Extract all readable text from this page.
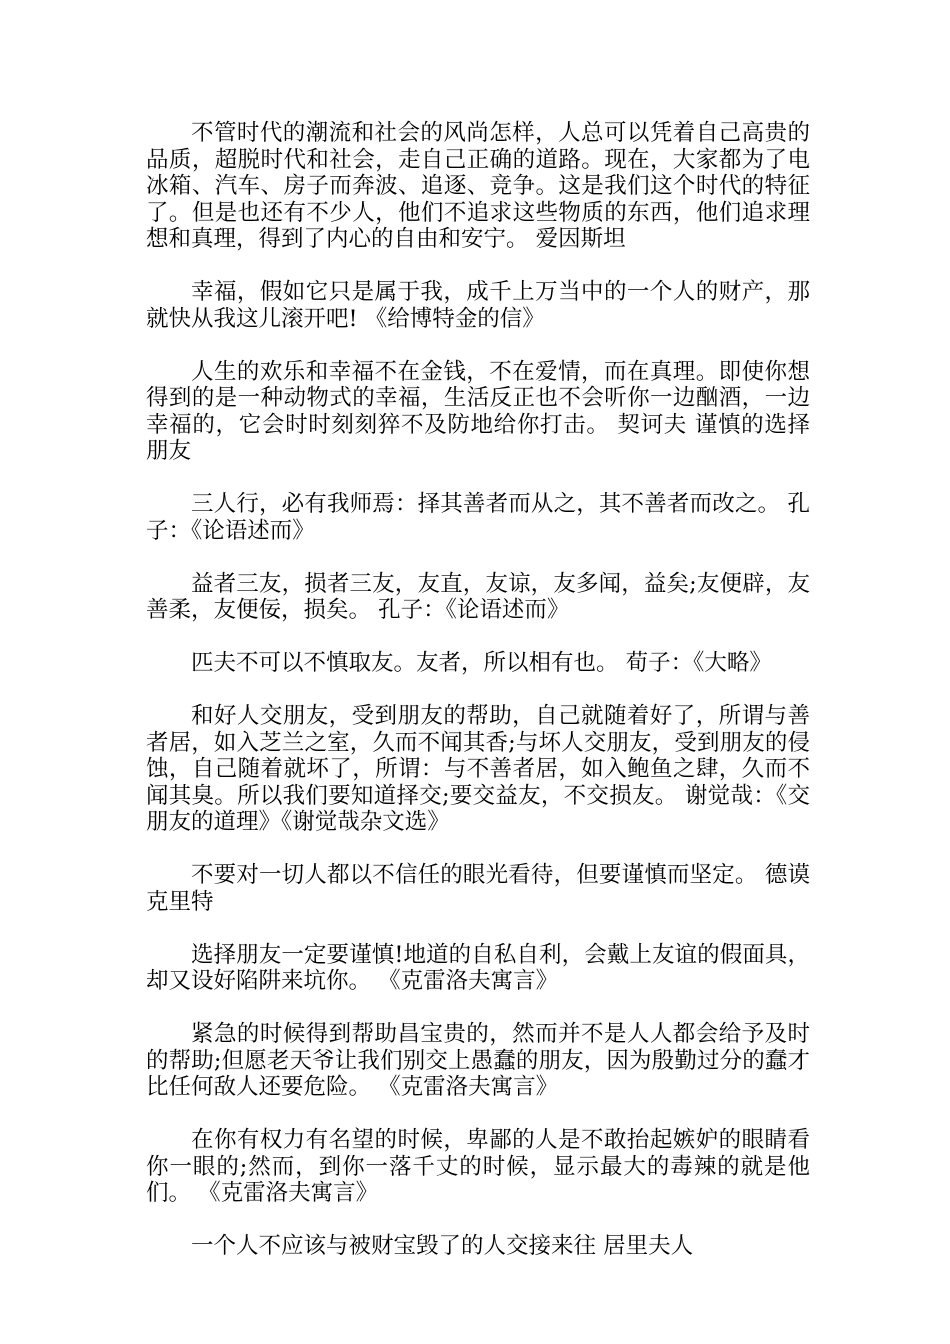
不管时代的潮流和社会的风尚怎样，人总可以凭着自己高贵的品质，超脱时代和社会，走自己正确的道路。现在，大家都为了电冰箱、汽车、房子而奔波、追逐、竞争。这是我们这个时代的特征了。但是也还有不少人，他们不追求这些物质的东西，他们追求理想和真理，得到了内心的自由和安宁。 爱因斯坦

幸福，假如它只是属于我，成千上万当中的一个人的财产，那就快从我这儿滚开吧! 《给博特金的信》

人生的欢乐和幸福不在金钱，不在爱情，而在真理。即使你想得到的是一种动物式的幸福，生活反正也不会听你一边酗酒，一边幸福的，它会时时刻刻猝不及防地给你打击。 契诃夫 谨慎的选择朋友

三人行，必有我师焉：择其善者而从之，其不善者而改之。 孔子：《论语述而》

益者三友，损者三友，友直，友谅，友多闻，益矣;友便辟，友善柔，友便佞，损矣。 孔子：《论语述而》

匹夫不可以不慎取友。友者，所以相有也。 荀子：《大略》

和好人交朋友，受到朋友的帮助，自己就随着好了，所谓与善者居，如入芝兰之室，久而不闻其香;与坏人交朋友，受到朋友的侵蚀，自己随着就坏了，所谓：与不善者居，如入鲍鱼之肆，久而不闻其臭。所以我们要知道择交;要交益友，不交损友。 谢觉哉：《交朋友的道理》《谢觉哉杂文选》

不要对一切人都以不信任的眼光看待，但要谨慎而坚定。 德谟克里特

选择朋友一定要谨慎!地道的自私自利，会戴上友谊的假面具，却又设好陷阱来坑你。 《克雷洛夫寓言》

紧急的时候得到帮助昌宝贵的，然而并不是人人都会给予及时的帮助;但愿老天爷让我们别交上愚蠢的朋友，因为殷勤过分的蠢才比任何敌人还要危险。 《克雷洛夫寓言》

在你有权力有名望的时候，卑鄙的人是不敢抬起嫉妒的眼睛看你一眼的;然而，到你一落千丈的时候，显示最大的毒辣的就是他们。 《克雷洛夫寓言》

一个人不应该与被财宝毁了的人交接来往 居里夫人
